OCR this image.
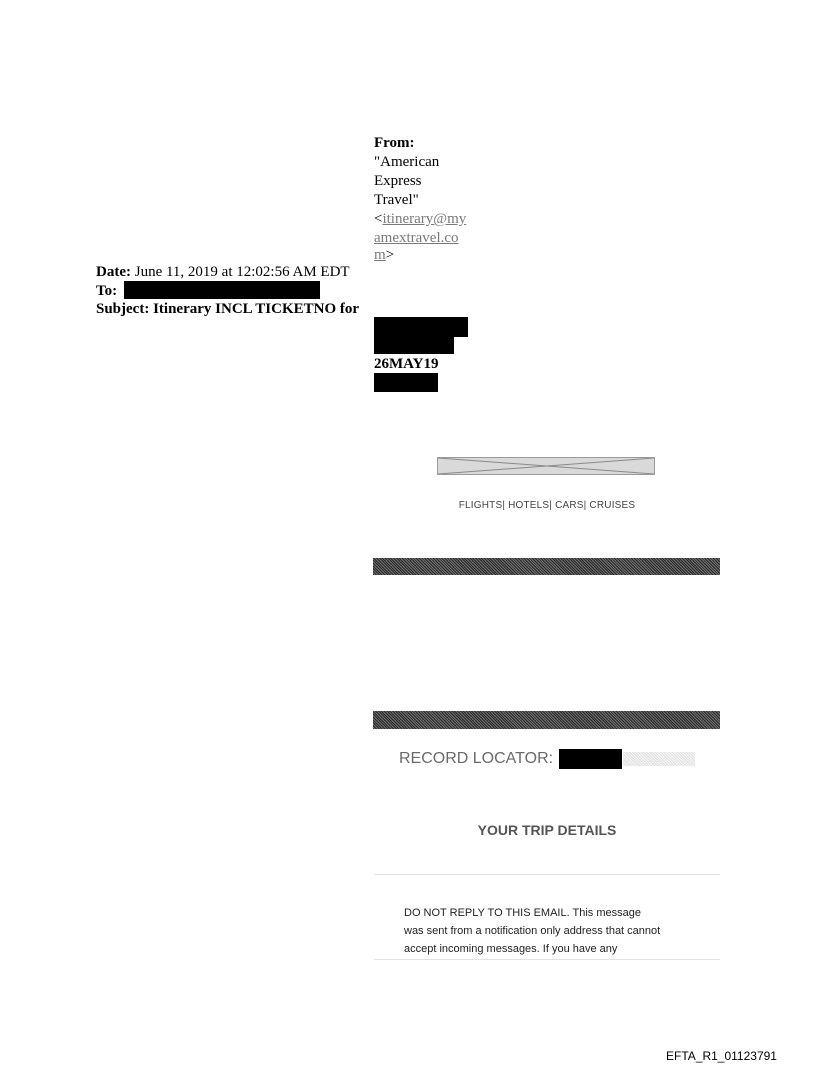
From:
"American
Express
Travel"
<itinerary@my
amextravel.co
m>
Date: June 11, 2019 at 12:02:56 AM EDT
To:
Subject: Itinerary INCL TICKETNO for
26MAY19
FLIGHTS| HOTELS| CARS| CRUISES
RECORD LOCATOR:
YOUR TRIP DETAILS
DO NOT REPLY TO THIS EMAIL. This message
was sent from a notification only address that cannot
accept incoming messages. If you have any
EFTA_R1_01123791
